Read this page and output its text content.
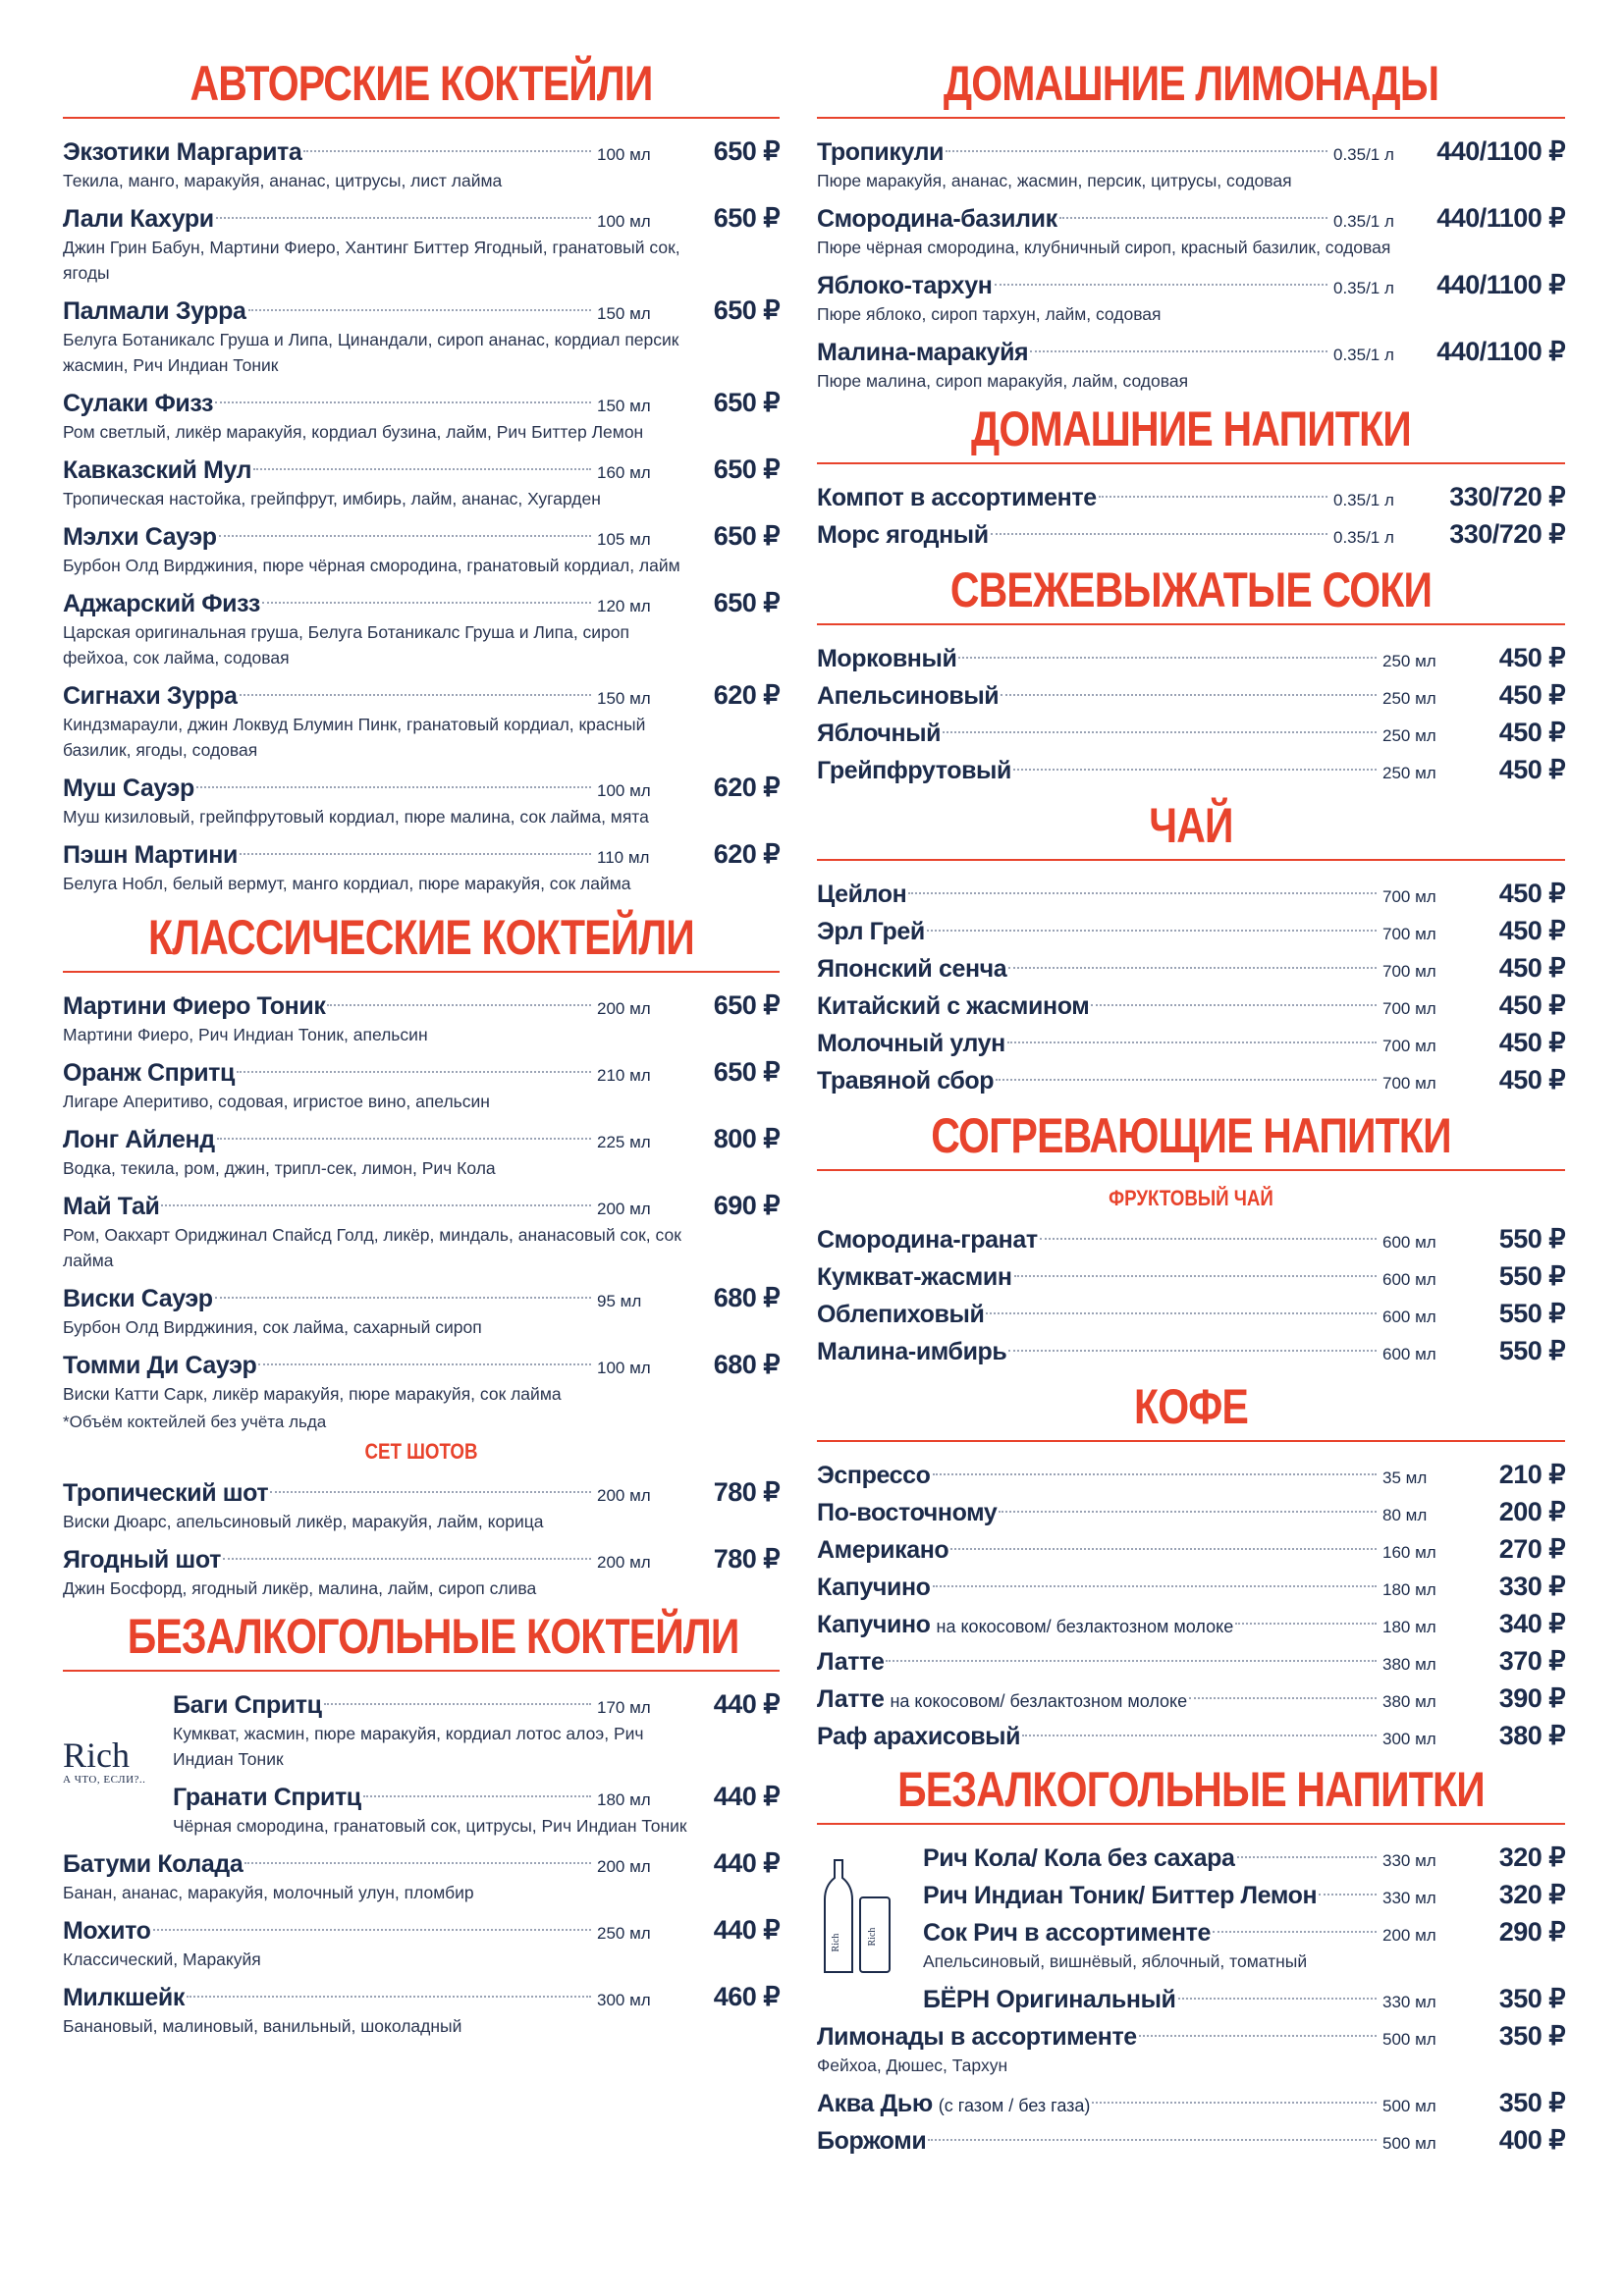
АВТОРСКИЕ КОКТЕЙЛИ
Экзотики Маргарита	100 мл	650 ₽
Текила, манго, маракуйя, ананас, цитрусы, лист лайма
Лали Кахури	100 мл	650 ₽
Джин Грин Бабун, Мартини Фиеро, Хантинг Биттер Ягодный, гранатовый сок, ягоды
Палмали Зурра	150 мл	650 ₽
Белуга Ботаникалс Груша и Липа, Цинандали, сироп ананас, кордиал персик жасмин, Рич Индиан Тоник
Сулаки Физз	150 мл	650 ₽
Ром светлый, ликёр маракуйя, кордиал бузина, лайм, Рич Биттер Лемон
Кавказский Мул	160 мл	650 ₽
Тропическая настойка, грейпфрут, имбирь, лайм, ананас, Хугарден
Мэлхи Сауэр	105 мл	650 ₽
Бурбон Олд Вирджиния, пюре чёрная смородина, гранатовый кордиал, лайм
Аджарский Физз	120 мл	650 ₽
Царская оригинальная груша, Белуга Ботаникалс Груша и Липа, сироп фейхоа, сок лайма, содовая
Сигнахи Зурра	150 мл	620 ₽
Киндзмараули, джин Локвуд Блумин Пинк, гранатовый кордиал, красный базилик, ягоды, содовая
Муш Сауэр	100 мл	620 ₽
Муш кизиловый, грейпфрутовый кордиал, пюре малина, сок лайма, мята
Пэшн Мартини	110 мл	620 ₽
Белуга Нобл, белый вермут, манго кордиал, пюре маракуйя, сок лайма
КЛАССИЧЕСКИЕ КОКТЕЙЛИ
Мартини Фиеро Тоник	200 мл	650 ₽
Мартини Фиеро, Рич Индиан Тоник, апельсин
Оранж Спритц	210 мл	650 ₽
Лигаре Аперитиво, содовая, игристое вино, апельсин
Лонг Айленд	225 мл	800 ₽
Водка, текила, ром, джин, трипл-сек, лимон, Рич Кола
Май Тай	200 мл	690 ₽
Ром, Оакхарт Ориджинал Спайсд Голд, ликёр, миндаль, ананасовый сок, сок лайма
Виски Сауэр	95 мл	680 ₽
Бурбон Олд Вирджиния, сок лайма, сахарный сироп
Томми Ди Сауэр	100 мл	680 ₽
Виски Катти Сарк, ликёр маракуйя, пюре маракуйя, сок лайма
*Объём коктейлей без учёта льда
СЕТ ШОТОВ
Тропический шот	200 мл	780 ₽
Виски Дюарс, апельсиновый ликёр, маракуйя, лайм, корица
Ягодный шот	200 мл	780 ₽
Джин Босфорд, ягодный ликёр, малина, лайм, сироп слива
БЕЗАЛКОГОЛЬНЫЕ КОКТЕЙЛИ
Rich
А ЧТО, ЕСЛИ?..
Баги Спритц	170 мл	440 ₽
Кумкват, жасмин, пюре маракуйя, кордиал лотос алоэ, Рич Индиан Тоник
Гранати Спритц	180 мл	440 ₽
Чёрная смородина, гранатовый сок, цитрусы, Рич Индиан Тоник
Батуми Колада	200 мл	440 ₽
Банан, ананас, маракуйя, молочный улун, пломбир
Мохито	250 мл	440 ₽
Классический, Маракуйя
Милкшейк	300 мл	460 ₽
Банановый, малиновый, ванильный, шоколадный
ДОМАШНИЕ ЛИМОНАДЫ
Тропикули	0.35/1 л	440/1100 ₽
Пюре маракуйя, ананас, жасмин, персик, цитрусы, содовая
Смородина-базилик	0.35/1 л	440/1100 ₽
Пюре чёрная смородина, клубничный сироп, красный базилик, содовая
Яблоко-тархун	0.35/1 л	440/1100 ₽
Пюре яблоко, сироп тархун, лайм, содовая
Малина-маракуйя	0.35/1 л	440/1100 ₽
Пюре малина, сироп маракуйя, лайм, содовая
ДОМАШНИЕ НАПИТКИ
Компот в ассортименте	0.35/1 л	330/720 ₽
Морс ягодный	0.35/1 л	330/720 ₽
СВЕЖЕВЫЖАТЫЕ СОКИ
Морковный	250 мл	450 ₽
Апельсиновый	250 мл	450 ₽
Яблочный	250 мл	450 ₽
Грейпфрутовый	250 мл	450 ₽
ЧАЙ
Цейлон	700 мл	450 ₽
Эрл Грей	700 мл	450 ₽
Японский сенча	700 мл	450 ₽
Китайский с жасмином	700 мл	450 ₽
Молочный улун	700 мл	450 ₽
Травяной сбор	700 мл	450 ₽
СОГРЕВАЮЩИЕ НАПИТКИ
ФРУКТОВЫЙ ЧАЙ
Смородина-гранат	600 мл	550 ₽
Кумкват-жасмин	600 мл	550 ₽
Облепиховый	600 мл	550 ₽
Малина-имбирь	600 мл	550 ₽
КОФЕ
Эспрессо	35 мл	210 ₽
По-восточному	80 мл	200 ₽
Американо	160 мл	270 ₽
Капучино	180 мл	330 ₽
Капучино на кокосовом/ безлактозном молоке	180 мл	340 ₽
Латте	380 мл	370 ₽
Латте на кокосовом/ безлактозном молоке	380 мл	390 ₽
Раф арахисовый	300 мл	380 ₽
БЕЗАЛКОГОЛЬНЫЕ НАПИТКИ
Rich	Rich
Рич Кола/ Кола без сахара	330 мл	320 ₽
Рич Индиан Тоник/ Биттер Лемон	330 мл	320 ₽
Сок Рич в ассортименте	200 мл	290 ₽
Апельсиновый, вишнёвый, яблочный, томатный
БЁРН Оригинальный	330 мл	350 ₽
Лимонады в ассортименте	500 мл	350 ₽
Фейхоа, Дюшес, Тархун
Аква Дью (с газом / без газа)	500 мл	350 ₽
Боржоми	500 мл	400 ₽
